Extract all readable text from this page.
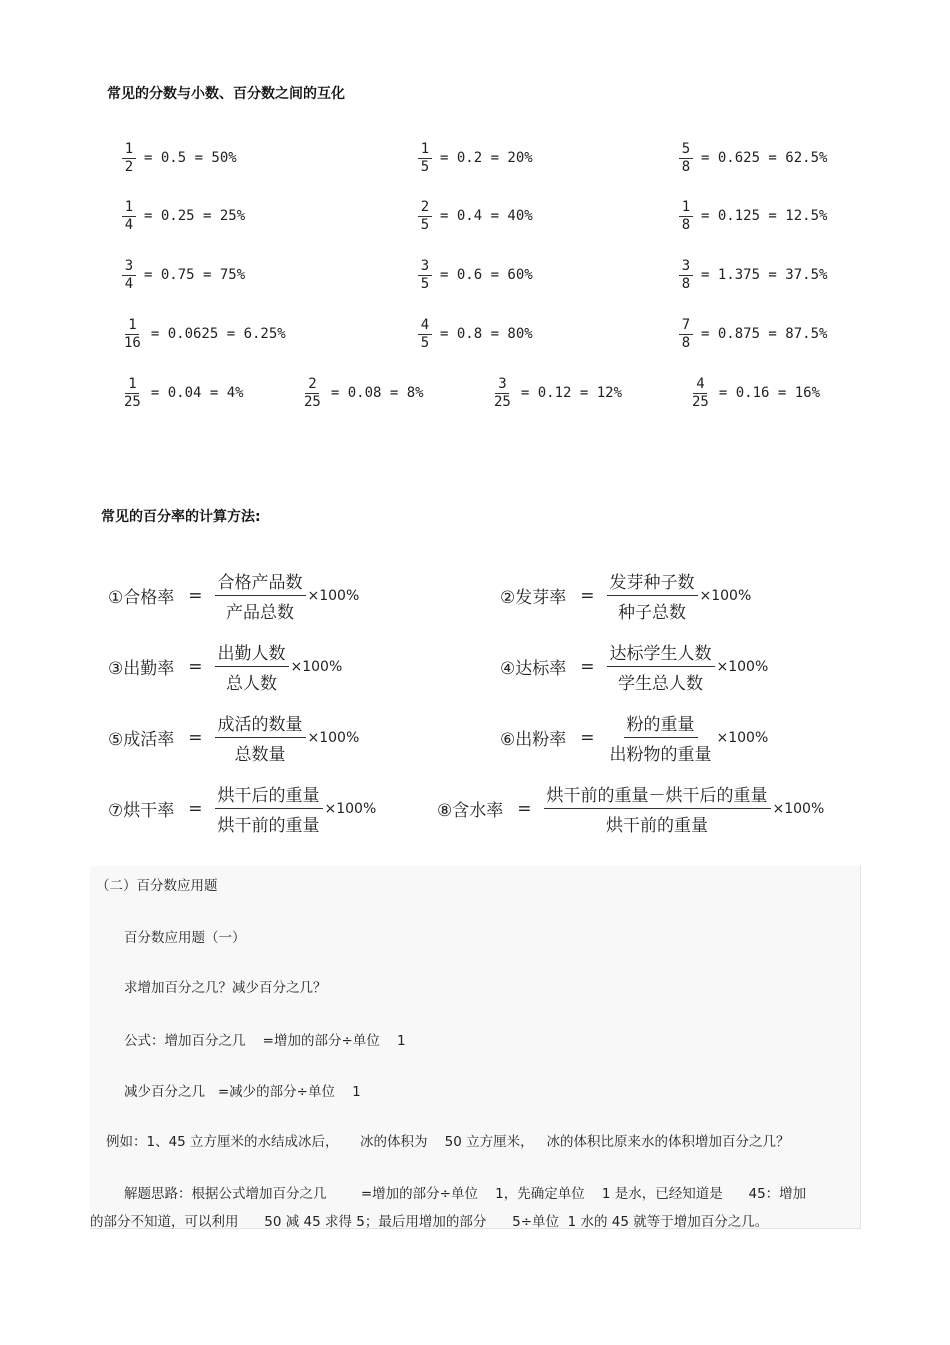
常见的分数与小数、百分数之间的互化
$\frac{1}{2} = 0.5 = 50\%$	$\frac{1}{5} = 0.2 = 20\%$	$\frac{5}{8} = 0.625 = 62.5\%$
$\frac{1}{4} = 0.25 = 25\%$	$\frac{2}{5} = 0.4 = 40\%$	$\frac{1}{8} = 0.125 = 12.5\%$
$\frac{3}{4} = 0.75 = 75\%$	$\frac{3}{5} = 0.6 = 60\%$	$\frac{3}{8} = 1.375 = 37.5\%$
$\frac{1}{16} = 0.0625 = 6.25\%$	$\frac{4}{5} = 0.8 = 80\%$	$\frac{7}{8} = 0.875 = 87.5\%$
$\frac{1}{25} = 0.04 = 4\%$	$\frac{2}{25} = 0.08 = 8\%$	$\frac{3}{25} = 0.12 = 12\%$	$\frac{4}{25} = 0.16 = 16\%$
常见的百分率的计算方法:
①合格率 = $\frac{\text{合格产品数}}{\text{产品总数}} \times 100\%$	②发芽率 = $\frac{\text{发芽种子数}}{\text{种子总数}} \times 100\%$
③出勤率 = $\frac{\text{出勤人数}}{\text{总人数}} \times 100\%$	④达标率 = $\frac{\text{达标学生人数}}{\text{学生总人数}} \times 100\%$
⑤成活率 = $\frac{\text{成活的数量}}{\text{总数量}} \times 100\%$	⑥出粉率 = $\frac{\text{粉的重量}}{\text{出粉物的重量}} \times 100\%$
⑦烘干率 = $\frac{\text{烘干后的重量}}{\text{烘干前的重量}} \times 100\%$	⑧含水率 = $\frac{\text{烘干前的重量－烘干后的重量}}{\text{烘干前的重量}} \times 100\%$
（二）百分数应用题
百分数应用题（一）
求增加百分之几？减少百分之几？
公式：增加百分之几    =增加的部分÷单位    1
减少百分之几   =减少的部分÷单位    1
例如：1、45 立方厘米的水结成冰后，     冰的体积为    50 立方厘米，   冰的体积比原来水的体积增加百分之几？
解题思路：根据公式增加百分之几        =增加的部分÷单位    1，先确定单位    1 是水，已经知道是      45：增加
的部分不知道，可以利用      50 减 45 求得 5；最后用增加的部分      5÷单位  1 水的 45 就等于增加百分之几。
